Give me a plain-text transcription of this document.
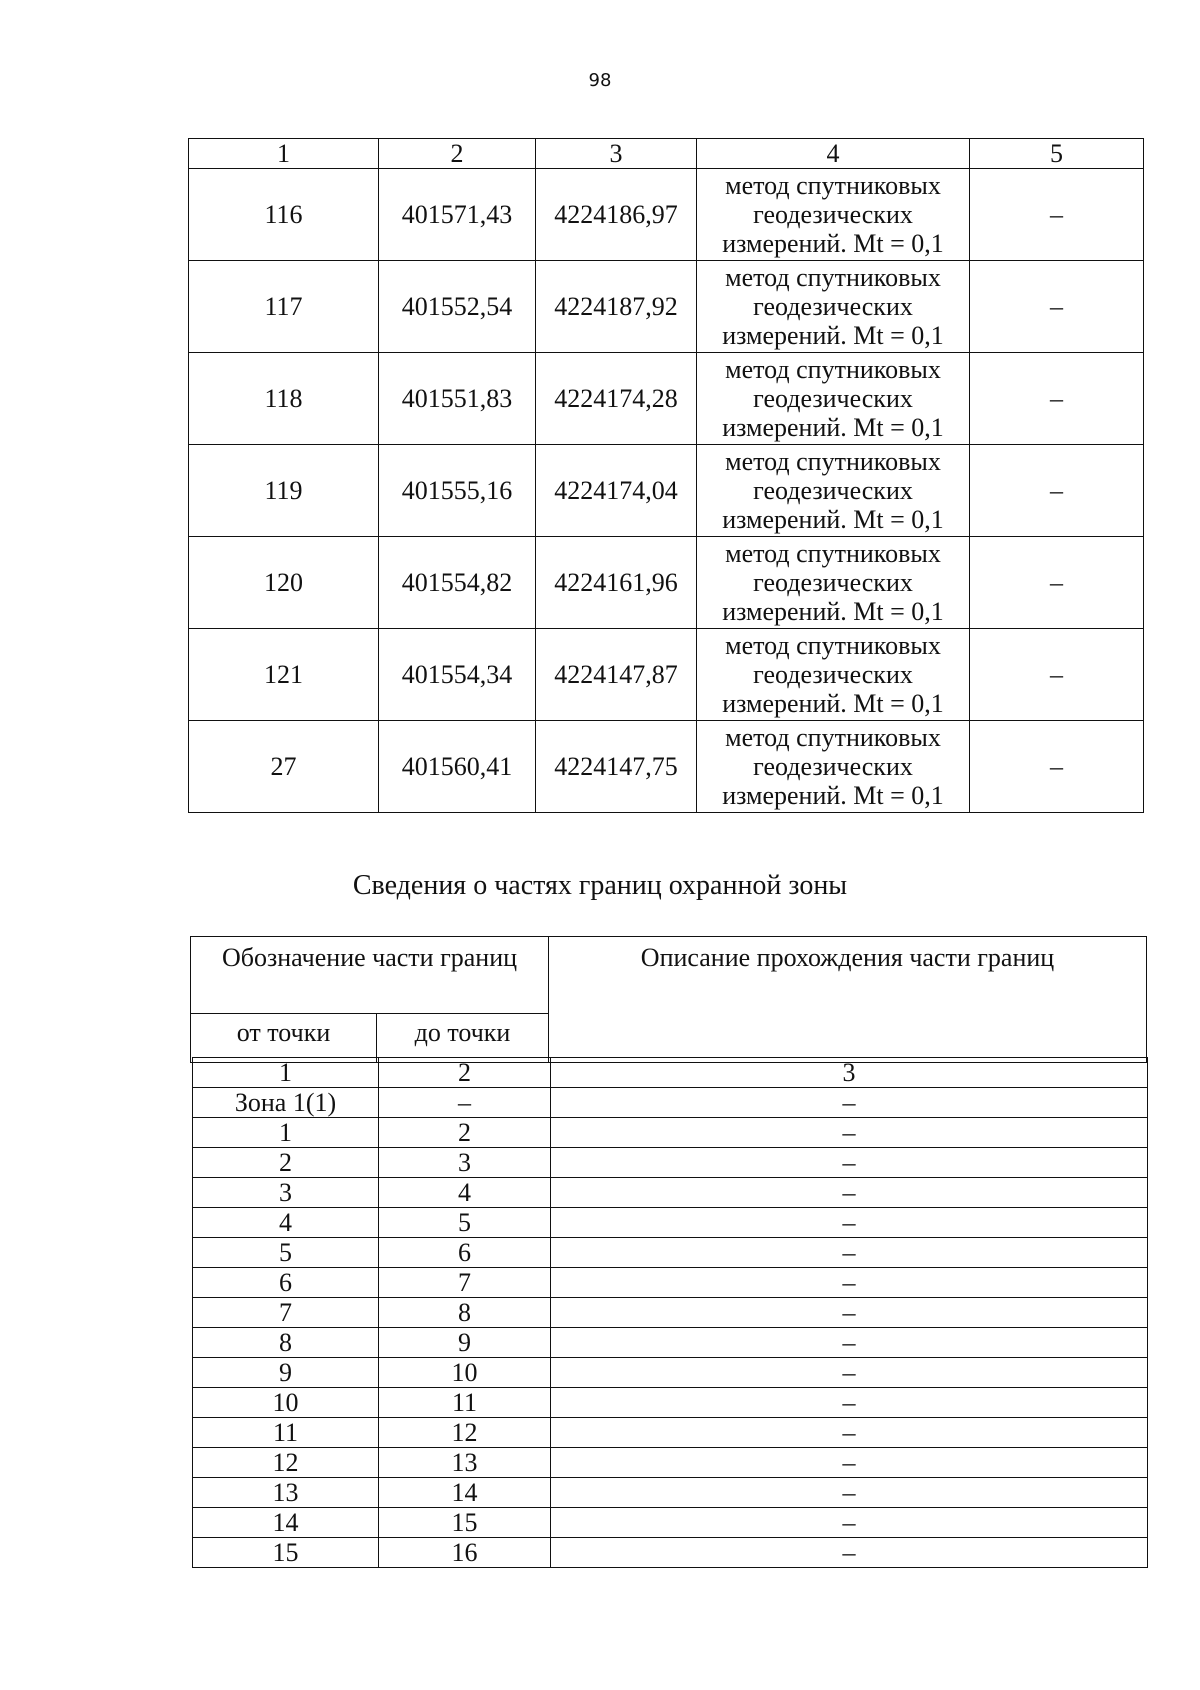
98
1	2	3	4	5
116	401571,43	4224186,97	метод спутниковых
геодезических
измерений. Mt = 0,1	–
117	401552,54	4224187,92	метод спутниковых
геодезических
измерений. Mt = 0,1	–
118	401551,83	4224174,28	метод спутниковых
геодезических
измерений. Mt = 0,1	–
119	401555,16	4224174,04	метод спутниковых
геодезических
измерений. Mt = 0,1	–
120	401554,82	4224161,96	метод спутниковых
геодезических
измерений. Mt = 0,1	–
121	401554,34	4224147,87	метод спутниковых
геодезических
измерений. Mt = 0,1	–
27	401560,41	4224147,75	метод спутниковых
геодезических
измерений. Mt = 0,1	–
Сведения о частях границ охранной зоны
Обозначение части границ		Описание прохождения части границ
от точки	до точки	
1	2	3
Зона 1(1)	–	–
1	2	–
2	3	–
3	4	–
4	5	–
5	6	–
6	7	–
7	8	–
8	9	–
9	10	–
10	11	–
11	12	–
12	13	–
13	14	–
14	15	–
15	16	–
